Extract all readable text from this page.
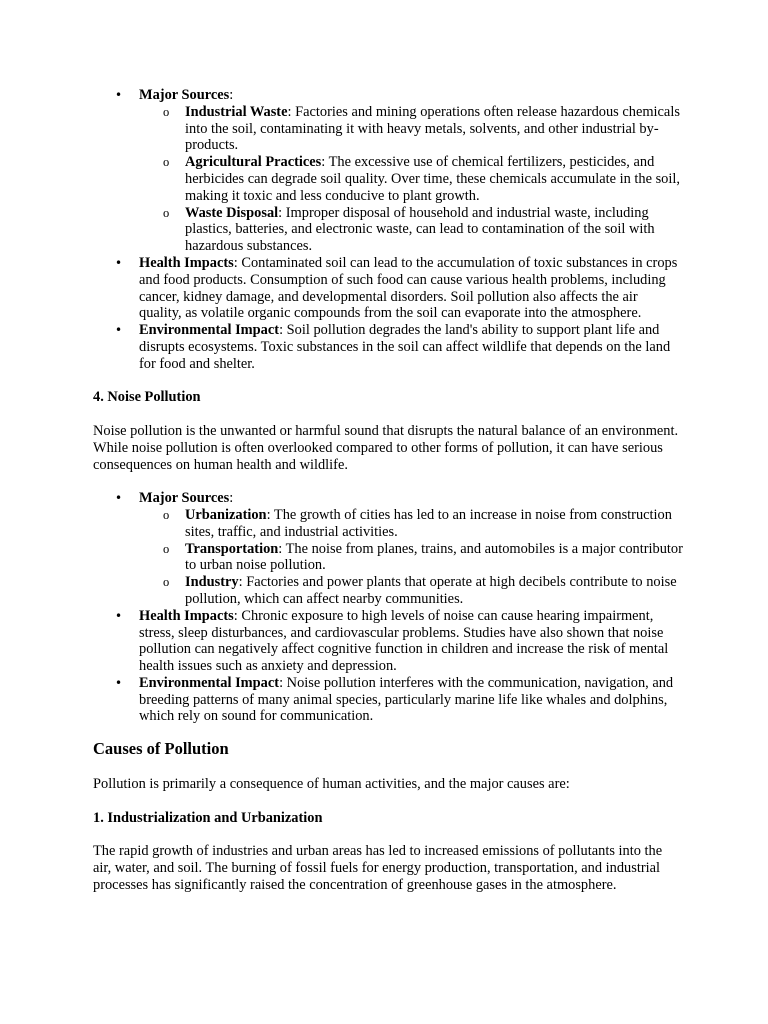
• Major Sources:
o Industrial Waste: Factories and mining operations often release hazardous chemicals into the soil, contaminating it with heavy metals, solvents, and other industrial by-products.
o Agricultural Practices: The excessive use of chemical fertilizers, pesticides, and herbicides can degrade soil quality. Over time, these chemicals accumulate in the soil, making it toxic and less conducive to plant growth.
o Waste Disposal: Improper disposal of household and industrial waste, including plastics, batteries, and electronic waste, can lead to contamination of the soil with hazardous substances.
• Health Impacts: Contaminated soil can lead to the accumulation of toxic substances in crops and food products. Consumption of such food can cause various health problems, including cancer, kidney damage, and developmental disorders. Soil pollution also affects the air quality, as volatile organic compounds from the soil can evaporate into the atmosphere.
• Environmental Impact: Soil pollution degrades the land's ability to support plant life and disrupts ecosystems. Toxic substances in the soil can affect wildlife that depends on the land for food and shelter.
4. Noise Pollution

Noise pollution is the unwanted or harmful sound that disrupts the natural balance of an environment. While noise pollution is often overlooked compared to other forms of pollution, it can have serious consequences on human health and wildlife.

• Major Sources:
o Urbanization: The growth of cities has led to an increase in noise from construction sites, traffic, and industrial activities.
o Transportation: The noise from planes, trains, and automobiles is a major contributor to urban noise pollution.
o Industry: Factories and power plants that operate at high decibels contribute to noise pollution, which can affect nearby communities.
• Health Impacts: Chronic exposure to high levels of noise can cause hearing impairment, stress, sleep disturbances, and cardiovascular problems. Studies have also shown that noise pollution can negatively affect cognitive function in children and increase the risk of mental health issues such as anxiety and depression.
• Environmental Impact: Noise pollution interferes with the communication, navigation, and breeding patterns of many animal species, particularly marine life like whales and dolphins, which rely on sound for communication.
Causes of Pollution

Pollution is primarily a consequence of human activities, and the major causes are:

1. Industrialization and Urbanization

The rapid growth of industries and urban areas has led to increased emissions of pollutants into the air, water, and soil. The burning of fossil fuels for energy production, transportation, and industrial processes has significantly raised the concentration of greenhouse gases in the atmosphere.
